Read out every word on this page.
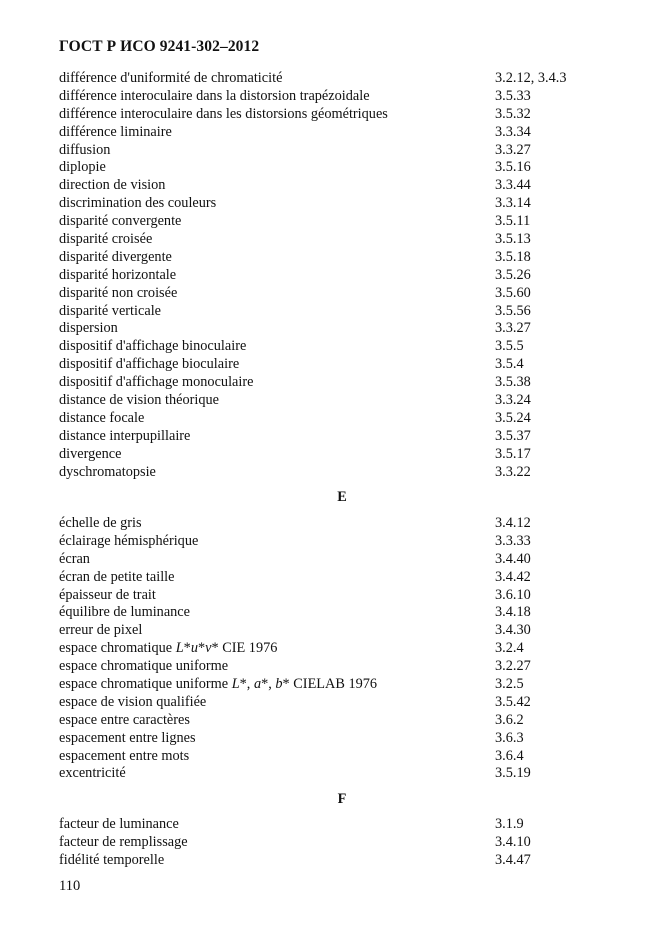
ГОСТ Р ИСО 9241-302–2012
différence d'uniformité de chromaticité	3.2.12, 3.4.3
différence interoculaire dans la distorsion trapézoidale	3.5.33
différence interoculaire dans les distorsions géométriques	3.5.32
différence liminaire	3.3.34
diffusion	3.3.27
diplopie	3.5.16
direction de vision	3.3.44
discrimination des couleurs	3.3.14
disparité convergente	3.5.11
disparité croisée	3.5.13
disparité divergente	3.5.18
disparité horizontale	3.5.26
disparité non croisée	3.5.60
disparité verticale	3.5.56
dispersion	3.3.27
dispositif d'affichage binoculaire	3.5.5
dispositif d'affichage bioculaire	3.5.4
dispositif d'affichage monoculaire	3.5.38
distance de vision théorique	3.3.24
distance focale	3.5.24
distance interpupillaire	3.5.37
divergence	3.5.17
dyschromatopsie	3.3.22
E
échelle de gris	3.4.12
éclairage hémisphérique	3.3.33
écran	3.4.40
écran de petite taille	3.4.42
épaisseur de trait	3.6.10
équilibre de luminance	3.4.18
erreur de pixel	3.4.30
espace chromatique L*u*v* CIE 1976	3.2.4
espace chromatique uniforme	3.2.27
espace chromatique uniforme L*, a*, b* CIELAB 1976	3.2.5
espace de vision qualifiée	3.5.42
espace entre caractères	3.6.2
espacement entre lignes	3.6.3
espacement entre mots	3.6.4
excentricité	3.5.19
F
facteur de luminance	3.1.9
facteur de remplissage	3.4.10
fidélité temporelle	3.4.47
110
